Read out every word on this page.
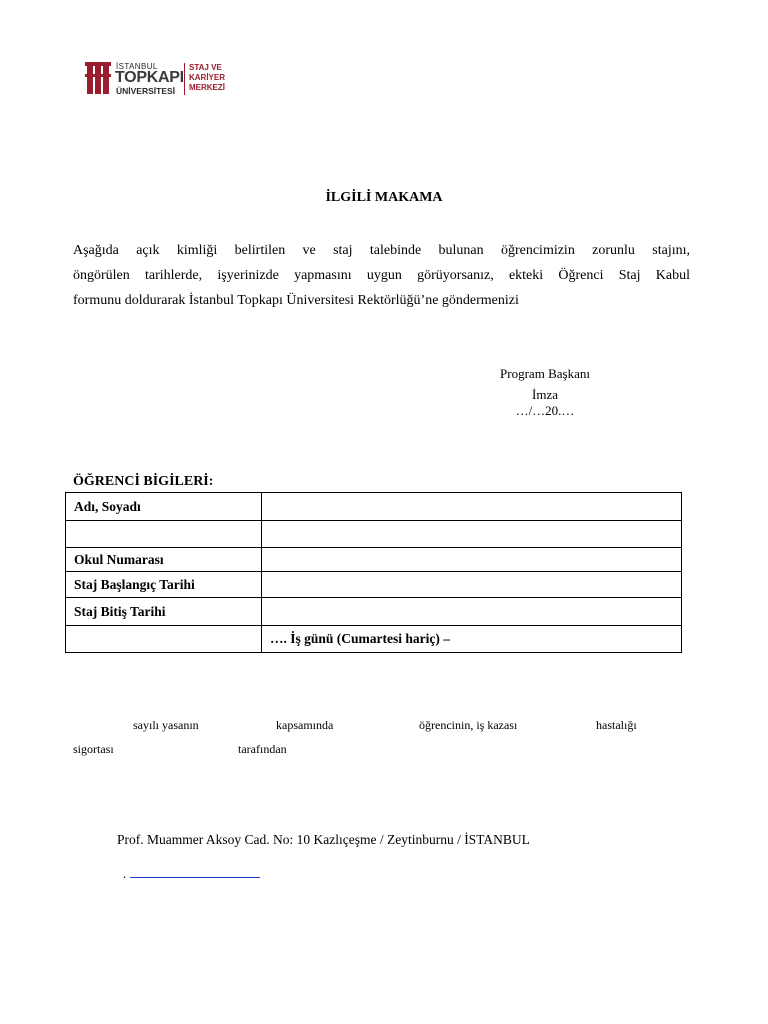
İSTANBUL
TOPKAPI
ÜNİVERSİTESİ
STAJ VE
KARİYER
MERKEZİ
İLGİLİ MAKAMA
Aşağıda açık kimliği belirtilen ve staj talebinde bulunan öğrencimizin zorunlu stajını,
öngörülen tarihlerde, işyerinizde yapmasını uygun görüyorsanız, ekteki Öğrenci Staj Kabul
formunu doldurarak İstanbul Topkapı Üniversitesi Rektörlüğü’ne göndermenizi
Program Başkanı
İmza
…/…20.…
ÖĞRENCİ BİGİLERİ:
Adı, Soyadı	

Okul Numarası	
Staj Başlangıç Tarihi	
Staj Bitiş Tarihi	
	…. İş günü (Cumartesi hariç) –
sayılı yasanın	kapsamında	öğrencinin, iş kazası	hastalığı
sigortası	tarafından
Prof. Muammer Aksoy Cad. No: 10 Kazlıçeşme / Zeytinburnu / İSTANBUL
.
